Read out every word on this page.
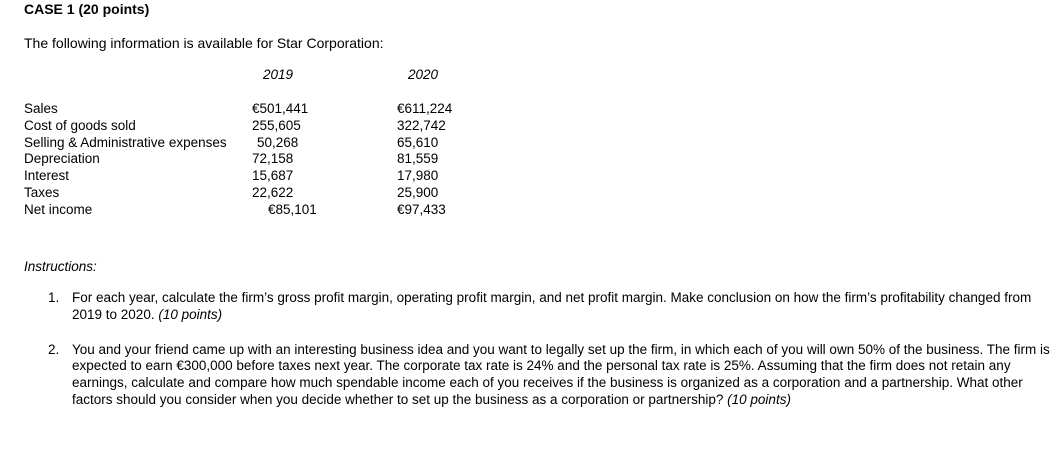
CASE 1 (20 points)
The following information is available for Star Corporation:
2019	2020
Sales
Cost of goods sold
Selling & Administrative expenses
Depreciation
Interest
Taxes
Net income
€501,441
255,605
50,268
72,158
15,687
22,622
€85,101
€611,224
322,742
65,610
81,559
17,980
25,900
€97,433
Instructions:
1. For each year, calculate the firm’s gross profit margin, operating profit margin, and net profit margin. Make conclusion on how the firm’s profitability changed from 2019 to 2020. (10 points)
2. You and your friend came up with an interesting business idea and you want to legally set up the firm, in which each of you will own 50% of the business. The firm is expected to earn €300,000 before taxes next year. The corporate tax rate is 24% and the personal tax rate is 25%. Assuming that the firm does not retain any earnings, calculate and compare how much spendable income each of you receives if the business is organized as a corporation and a partnership. What other factors should you consider when you decide whether to set up the business as a corporation or partnership? (10 points)
